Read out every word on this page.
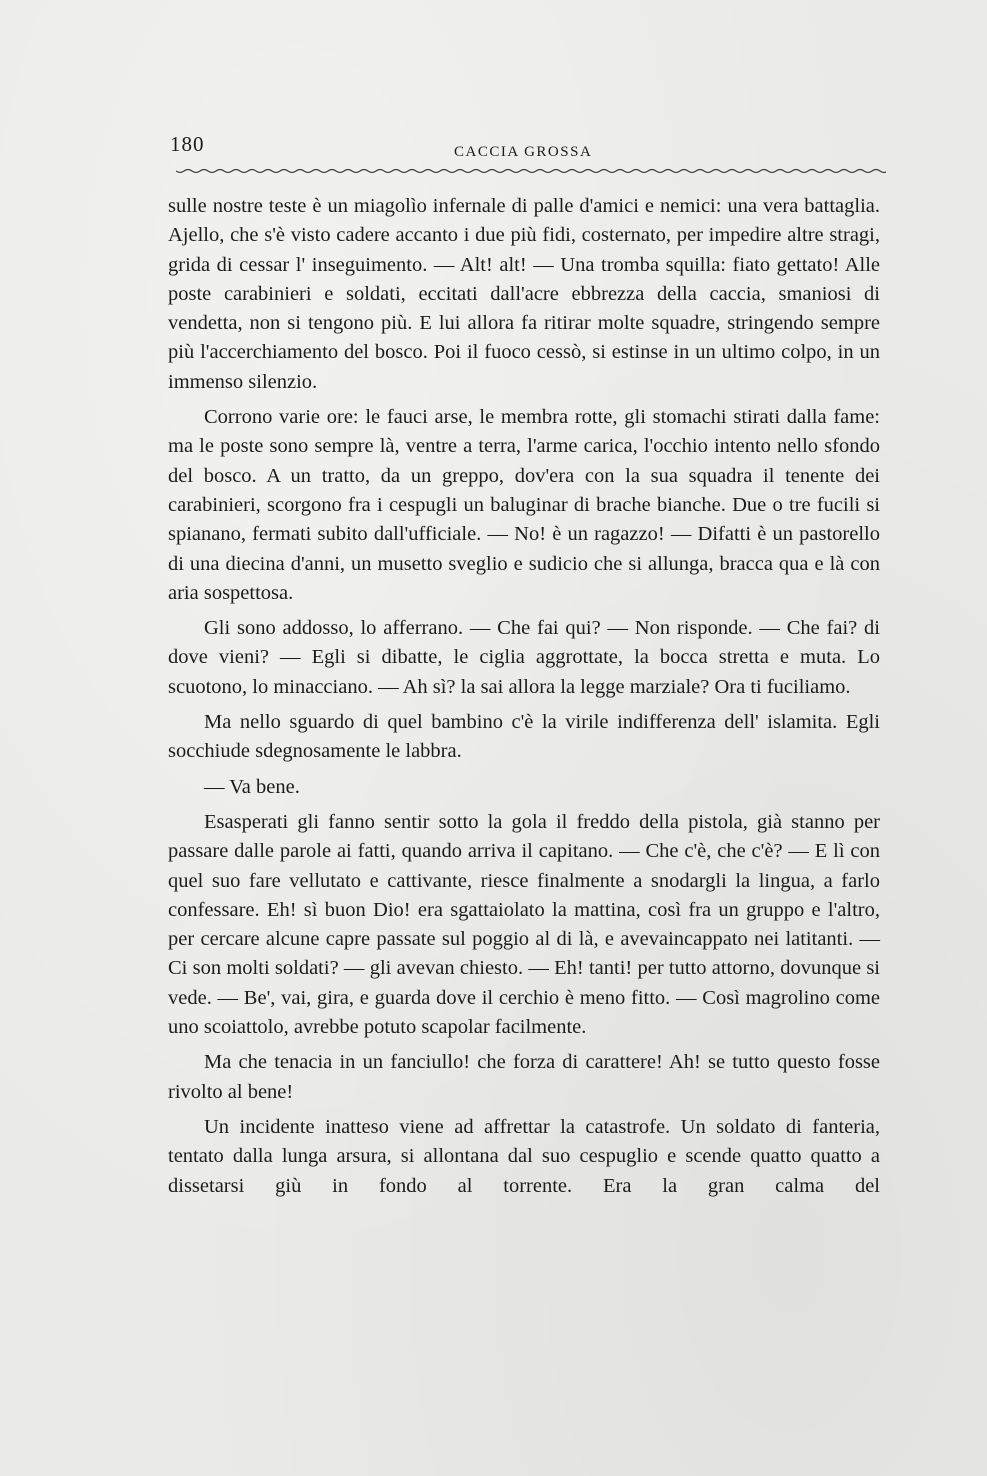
180	CACCIA GROSSA

sulle nostre teste è un miagolìo infernale di palle d'amici e nemici: una vera battaglia. Ajello, che s'è visto cadere accanto i due più fidi, costernato, per impedire altre stragi, grida di cessar l' inseguimento. — Alt! alt! — Una tromba squilla: fiato gettato! Alle poste carabinieri e soldati, eccitati dall'acre ebbrezza della caccia, smaniosi di vendetta, non si tengono più. E lui allora fa ritirar molte squadre, stringendo sempre più l'accerchiamento del bosco. Poi il fuoco cessò, si estinse in un ultimo colpo, in un immenso silenzio.

Corrono varie ore: le fauci arse, le membra rotte, gli stomachi stirati dalla fame: ma le poste sono sempre là, ventre a terra, l'arme carica, l'occhio intento nello sfondo del bosco. A un tratto, da un greppo, dov'era con la sua squadra il tenente dei carabinieri, scorgono fra i cespugli un baluginar di brache bianche. Due o tre fucili si spianano, fermati subito dall'ufficiale. — No! è un ragazzo! — Difatti è un pastorello di una diecina d'anni, un musetto sveglio e sudicio che si allunga, bracca qua e là con aria sospettosa.

Gli sono addosso, lo afferrano. — Che fai qui? — Non risponde. — Che fai? di dove vieni? — Egli si dibatte, le ciglia aggrottate, la bocca stretta e muta. Lo scuotono, lo minacciano. — Ah sì? la sai allora la legge marziale? Ora ti fuciliamo.

Ma nello sguardo di quel bambino c'è la virile indifferenza dell' islamita. Egli socchiude sdegnosamente le labbra.

— Va bene.

Esasperati gli fanno sentir sotto la gola il freddo della pistola, già stanno per passare dalle parole ai fatti, quando arriva il capitano. — Che c'è, che c'è? — E lì con quel suo fare vellutato e cattivante, riesce finalmente a snodargli la lingua, a farlo confessare. Eh! sì buon Dio! era sgattaiolato la mattina, così fra un gruppo e l'altro, per cercare alcune capre passate sul poggio al di là, e avevaincappato nei latitanti. — Ci son molti soldati? — gli avevan chiesto. — Eh! tanti! per tutto attorno, dovunque si vede. — Be', vai, gira, e guarda dove il cerchio è meno fitto. — Così magrolino come uno scoiattolo, avrebbe potuto scapolar facilmente.

Ma che tenacia in un fanciullo! che forza di carattere! Ah! se tutto questo fosse rivolto al bene!

Un incidente inatteso viene ad affrettar la catastrofe. Un soldato di fanteria, tentato dalla lunga arsura, si allontana dal suo cespuglio e scende quatto quatto a dissetarsi giù in fondo al torrente. Era la gran calma del
